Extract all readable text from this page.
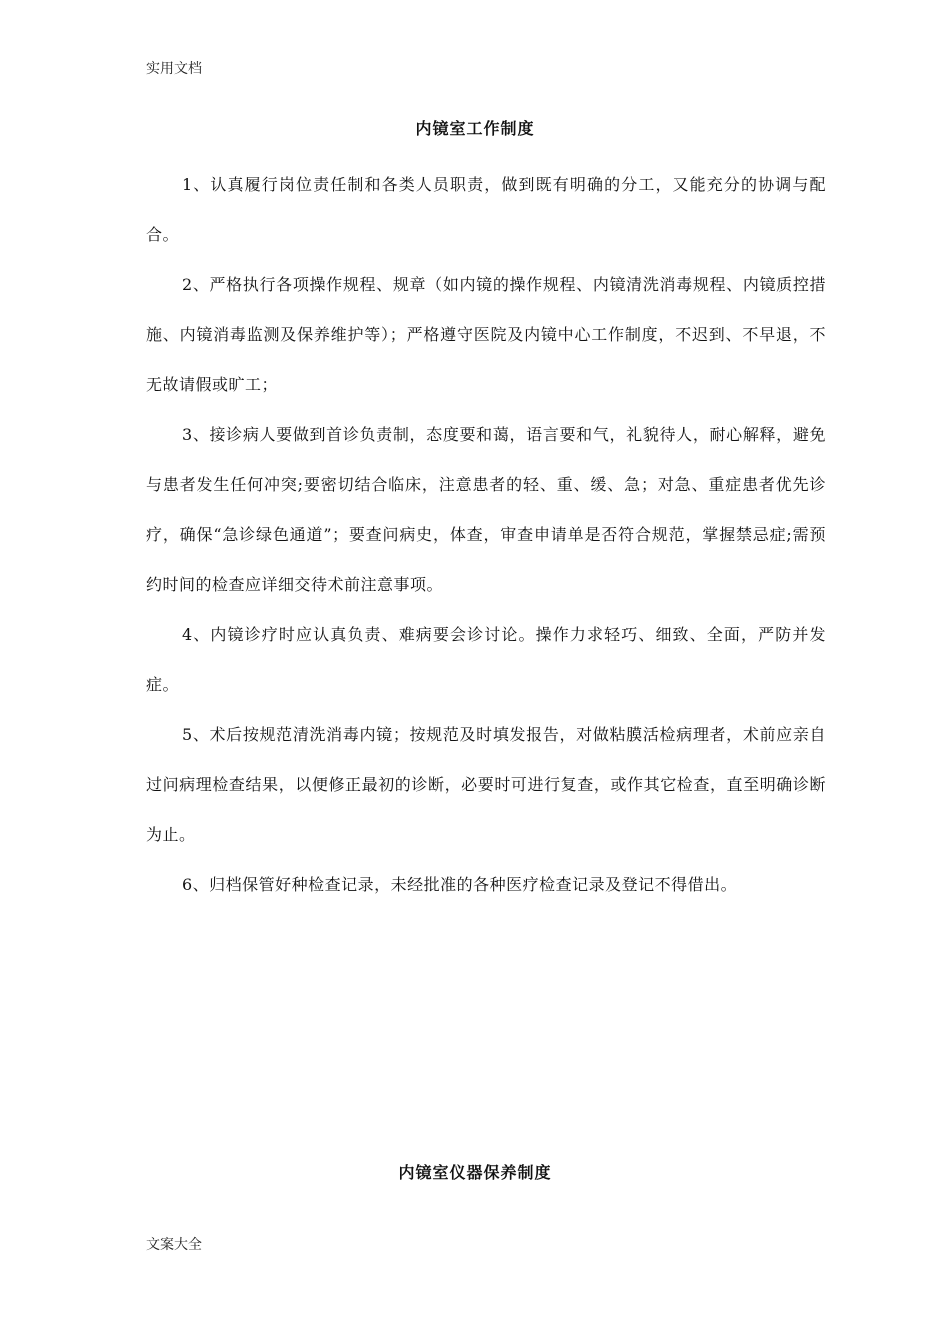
实用文档
内镜室工作制度

1、认真履行岗位责任制和各类人员职责，做到既有明确的分工，又能充分的协调与配合。

2、严格执行各项操作规程、规章（如内镜的操作规程、内镜清洗消毒规程、内镜质控措施、内镜消毒监测及保养维护等）；严格遵守医院及内镜中心工作制度，不迟到、不早退，不无故请假或旷工；

3、接诊病人要做到首诊负责制，态度要和蔼，语言要和气，礼貌待人，耐心解释，避免与患者发生任何冲突;要密切结合临床，注意患者的轻、重、缓、急；对急、重症患者优先诊疗，确保“急诊绿色通道”；要查问病史，体查，审查申请单是否符合规范，掌握禁忌症;需预约时间的检查应详细交待术前注意事项。

4、内镜诊疗时应认真负责、难病要会诊讨论。操作力求轻巧、细致、全面，严防并发症。

5、术后按规范清洗消毒内镜；按规范及时填发报告，对做粘膜活检病理者，术前应亲自过问病理检查结果，以便修正最初的诊断，必要时可进行复查，或作其它检查，直至明确诊断为止。

6、归档保管好种检查记录，未经批准的各种医疗检查记录及登记不得借出。

内镜室仪器保养制度
文案大全
